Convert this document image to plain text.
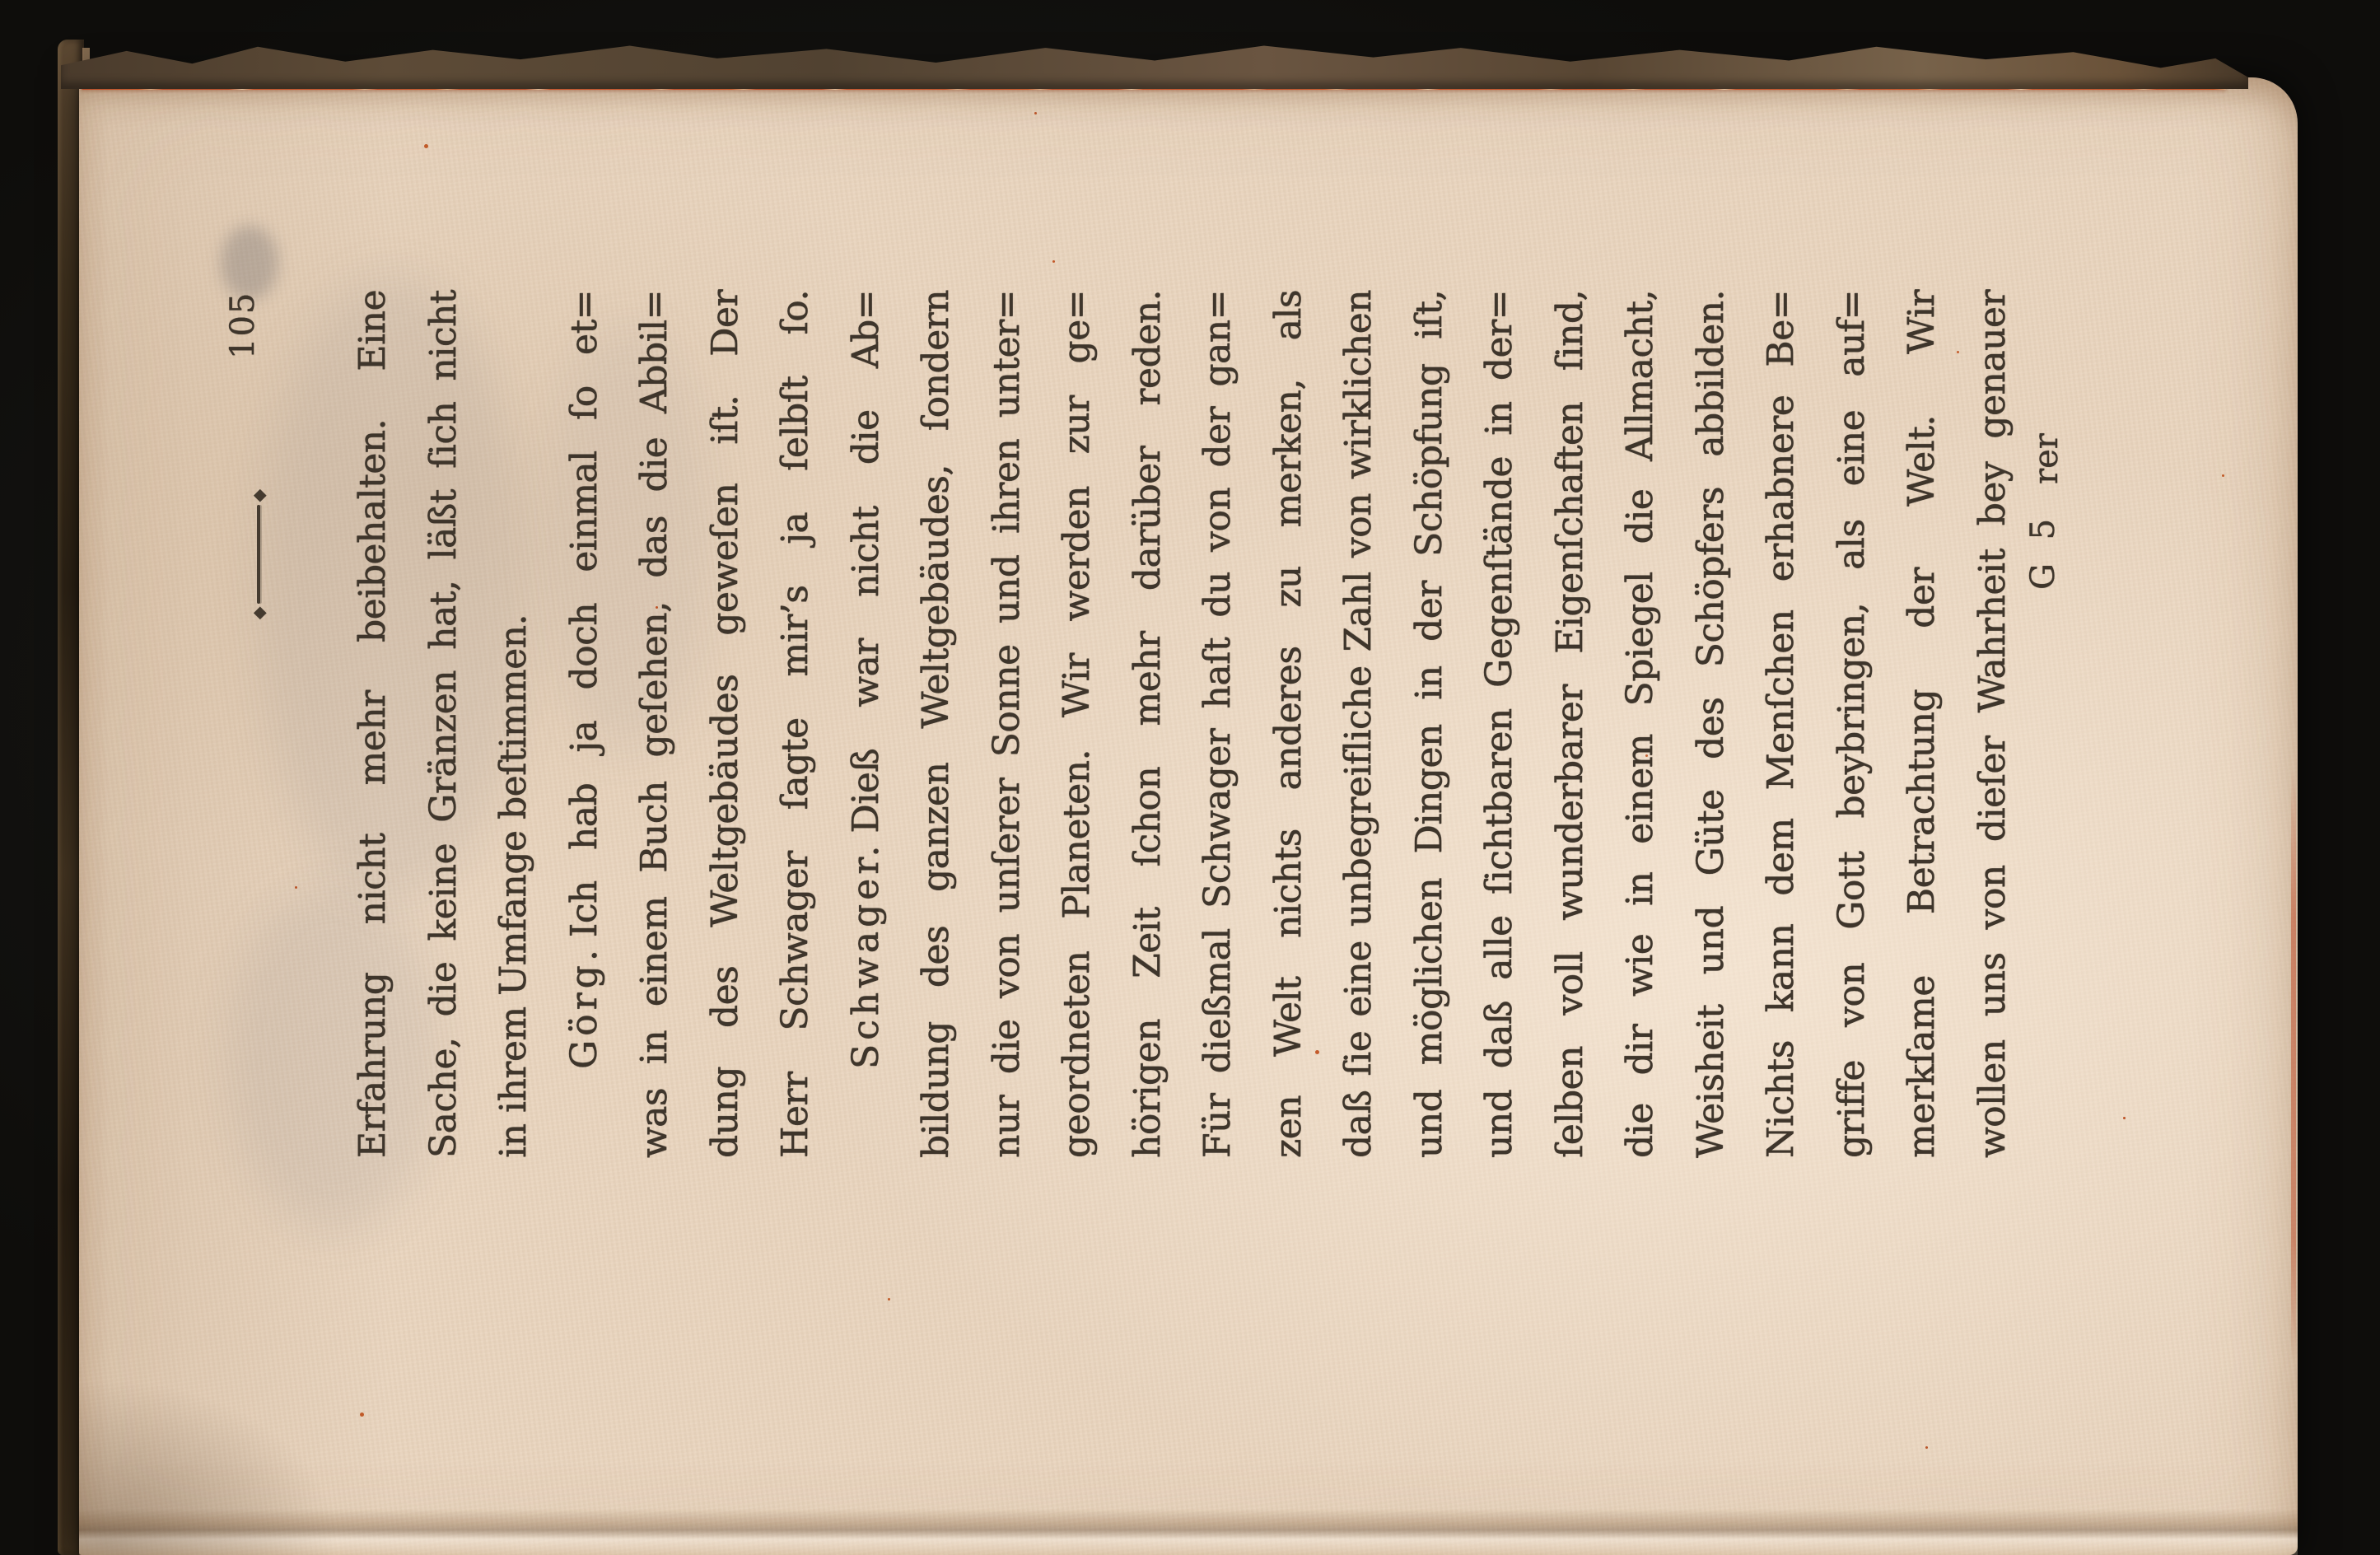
105
◆
◆	Erfahrung nicht mehr beibehalten. Eine Sache, die keine Gränzen hat, läßt ſich nicht in ihrem Umfange beſtimmen. Görg.Ich hab ja doch einmal ſo et= was in einem Buch geſehen, das die Abbil= dung des Weltgebäudes geweſen iſt. Der Herr Schwager ſagte mir’s ja ſelbſt ſo. Schwager.Dieß war nicht die Ab= bildung des ganzen Weltgebäudes, ſondern nur die von unſerer Sonne und ihren unter= geordneten Planeten. Wir werden zur ge= hörigen Zeit ſchon mehr darüber reden. Für dießmal Schwager haſt du von der gan= zen Welt nichts anderes zu merken, als daß ſie eine unbegreifliche Zahl von wirklichen und möglichen Dingen in der Schöpfung iſt, und daß alle ſichtbaren Gegenſtände in der= ſelben voll wunderbarer Eigenſchaften ſind, die dir wie in einem Spiegel die Allmacht, Weisheit und Güte des Schöpfers abbilden. Nichts kann dem Menſchen erhabnere Be= griffe von Gott beybringen, als eine auf= merkſame Betrachtung der Welt. Wir wollen uns von dieſer Wahrheit bey genauer G 5
rer
